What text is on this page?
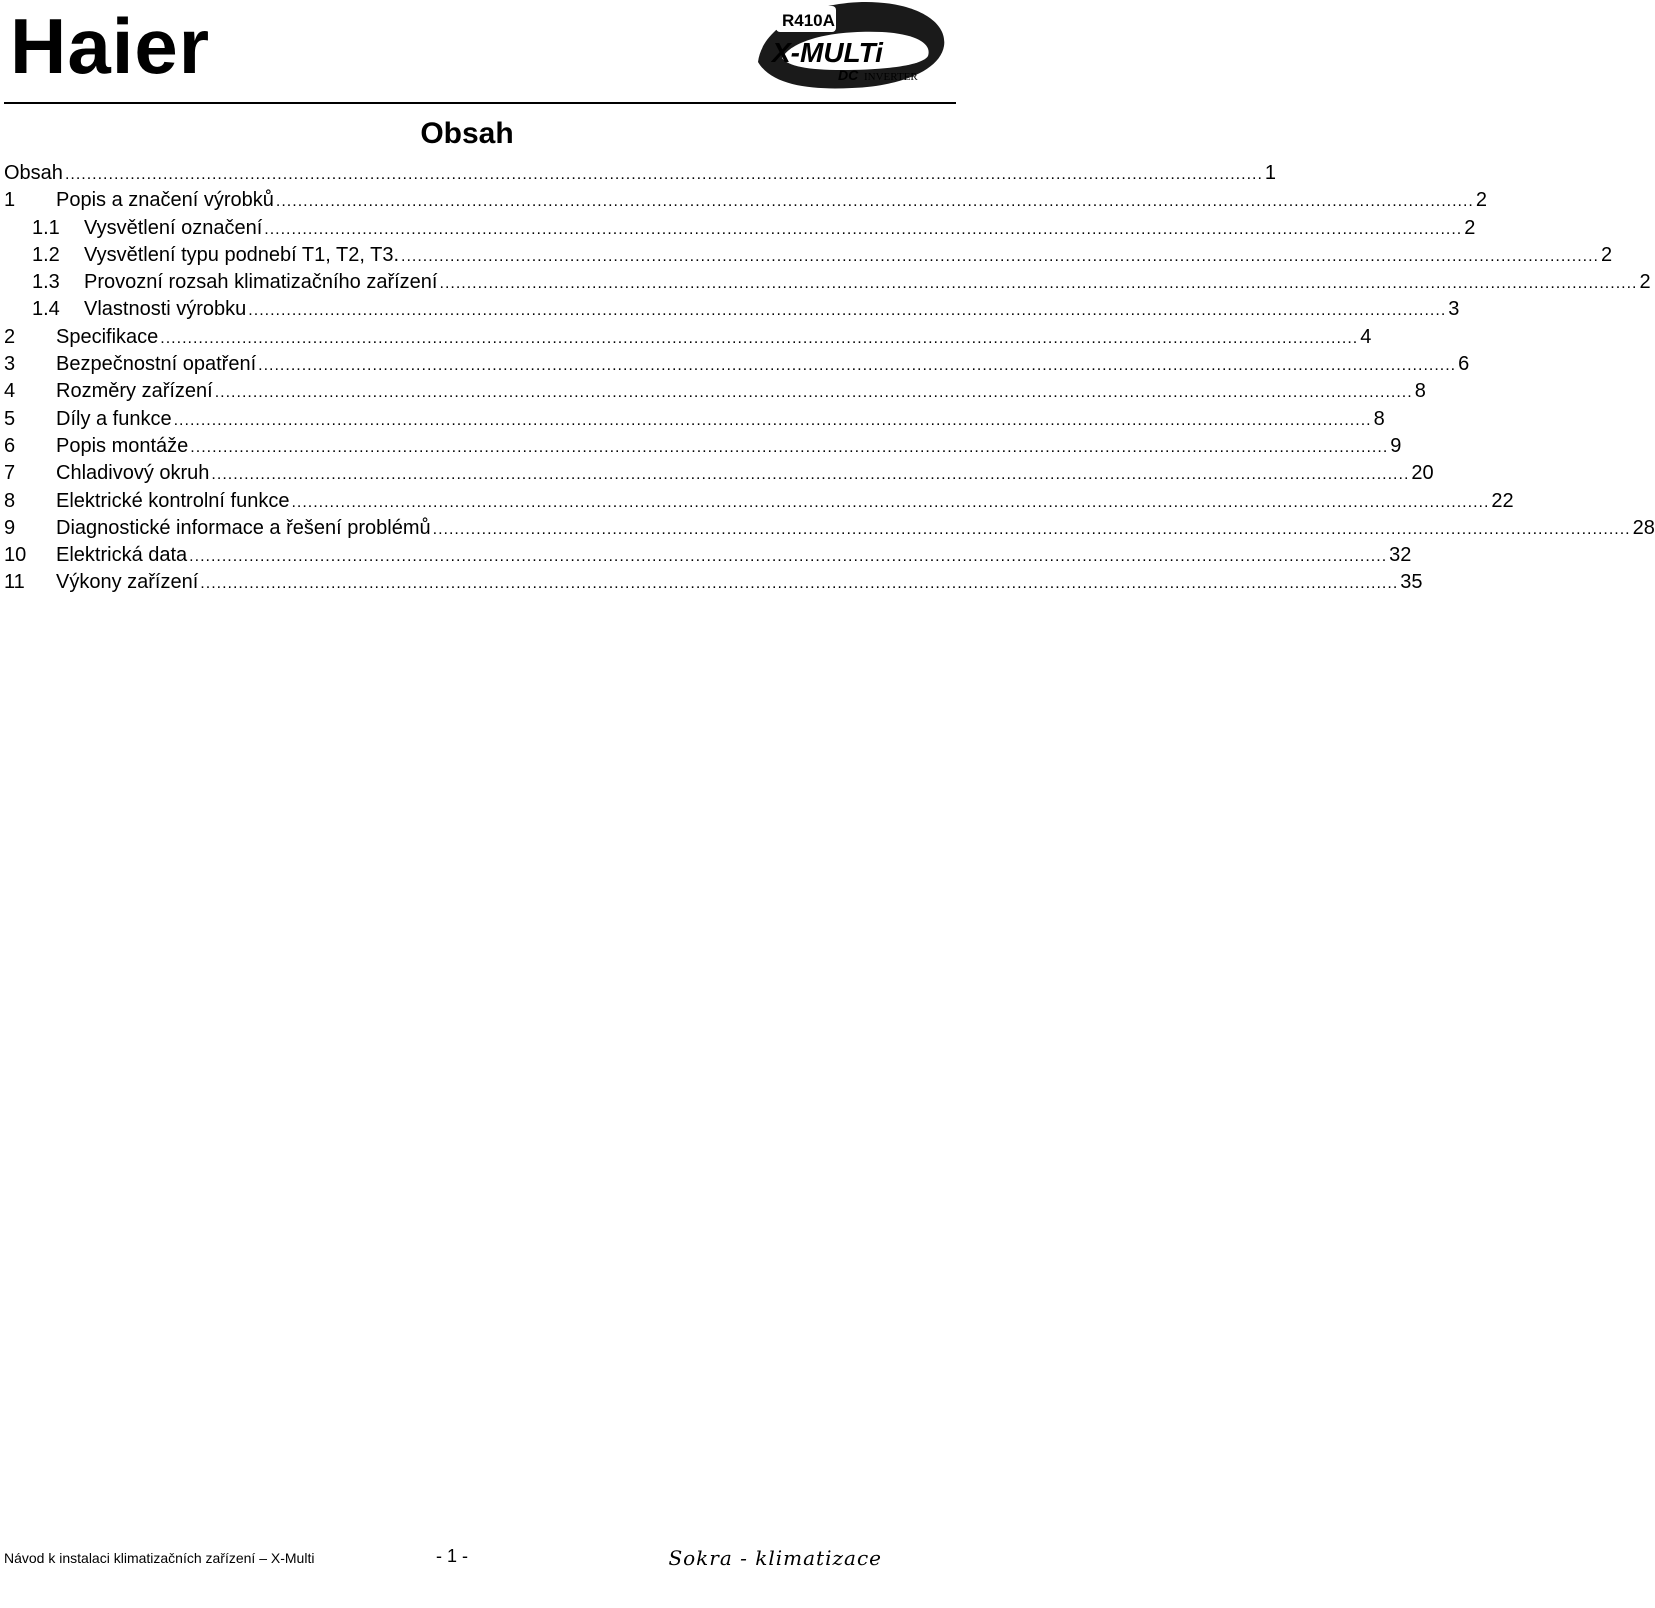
Haier	R410A
X-MULTi
DC INVERTER
Obsah
Obsah ............................................................................................................................................................................................................................ 1
1	Popis a značení výrobků ............................................................................................................................................................................................................................ 2
1.1	Vysvětlení označení ............................................................................................................................................................................................................................ 2
1.2	Vysvětlení typu podnebí T1, T2, T3. ............................................................................................................................................................................................................................ 2
1.3	Provozní rozsah klimatizačního zařízení ............................................................................................................................................................................................................................ 2
1.4	Vlastnosti výrobku ............................................................................................................................................................................................................................ 3
2	Specifikace ............................................................................................................................................................................................................................ 4
3	Bezpečnostní opatření ............................................................................................................................................................................................................................ 6
4	Rozměry zařízení ............................................................................................................................................................................................................................ 8
5	Díly a funkce ............................................................................................................................................................................................................................ 8
6	Popis montáže ............................................................................................................................................................................................................................ 9
7	Chladivový okruh ............................................................................................................................................................................................................................ 20
8	Elektrické kontrolní funkce ............................................................................................................................................................................................................................ 22
9	Diagnostické informace a řešení problémů ............................................................................................................................................................................................................................ 28
10	Elektrická data ............................................................................................................................................................................................................................ 32
11	Výkony zařízení ............................................................................................................................................................................................................................ 35
Návod k instalaci klimatizačních zařízení – X-Multi	- 1 -	Sokra - klimatizace
